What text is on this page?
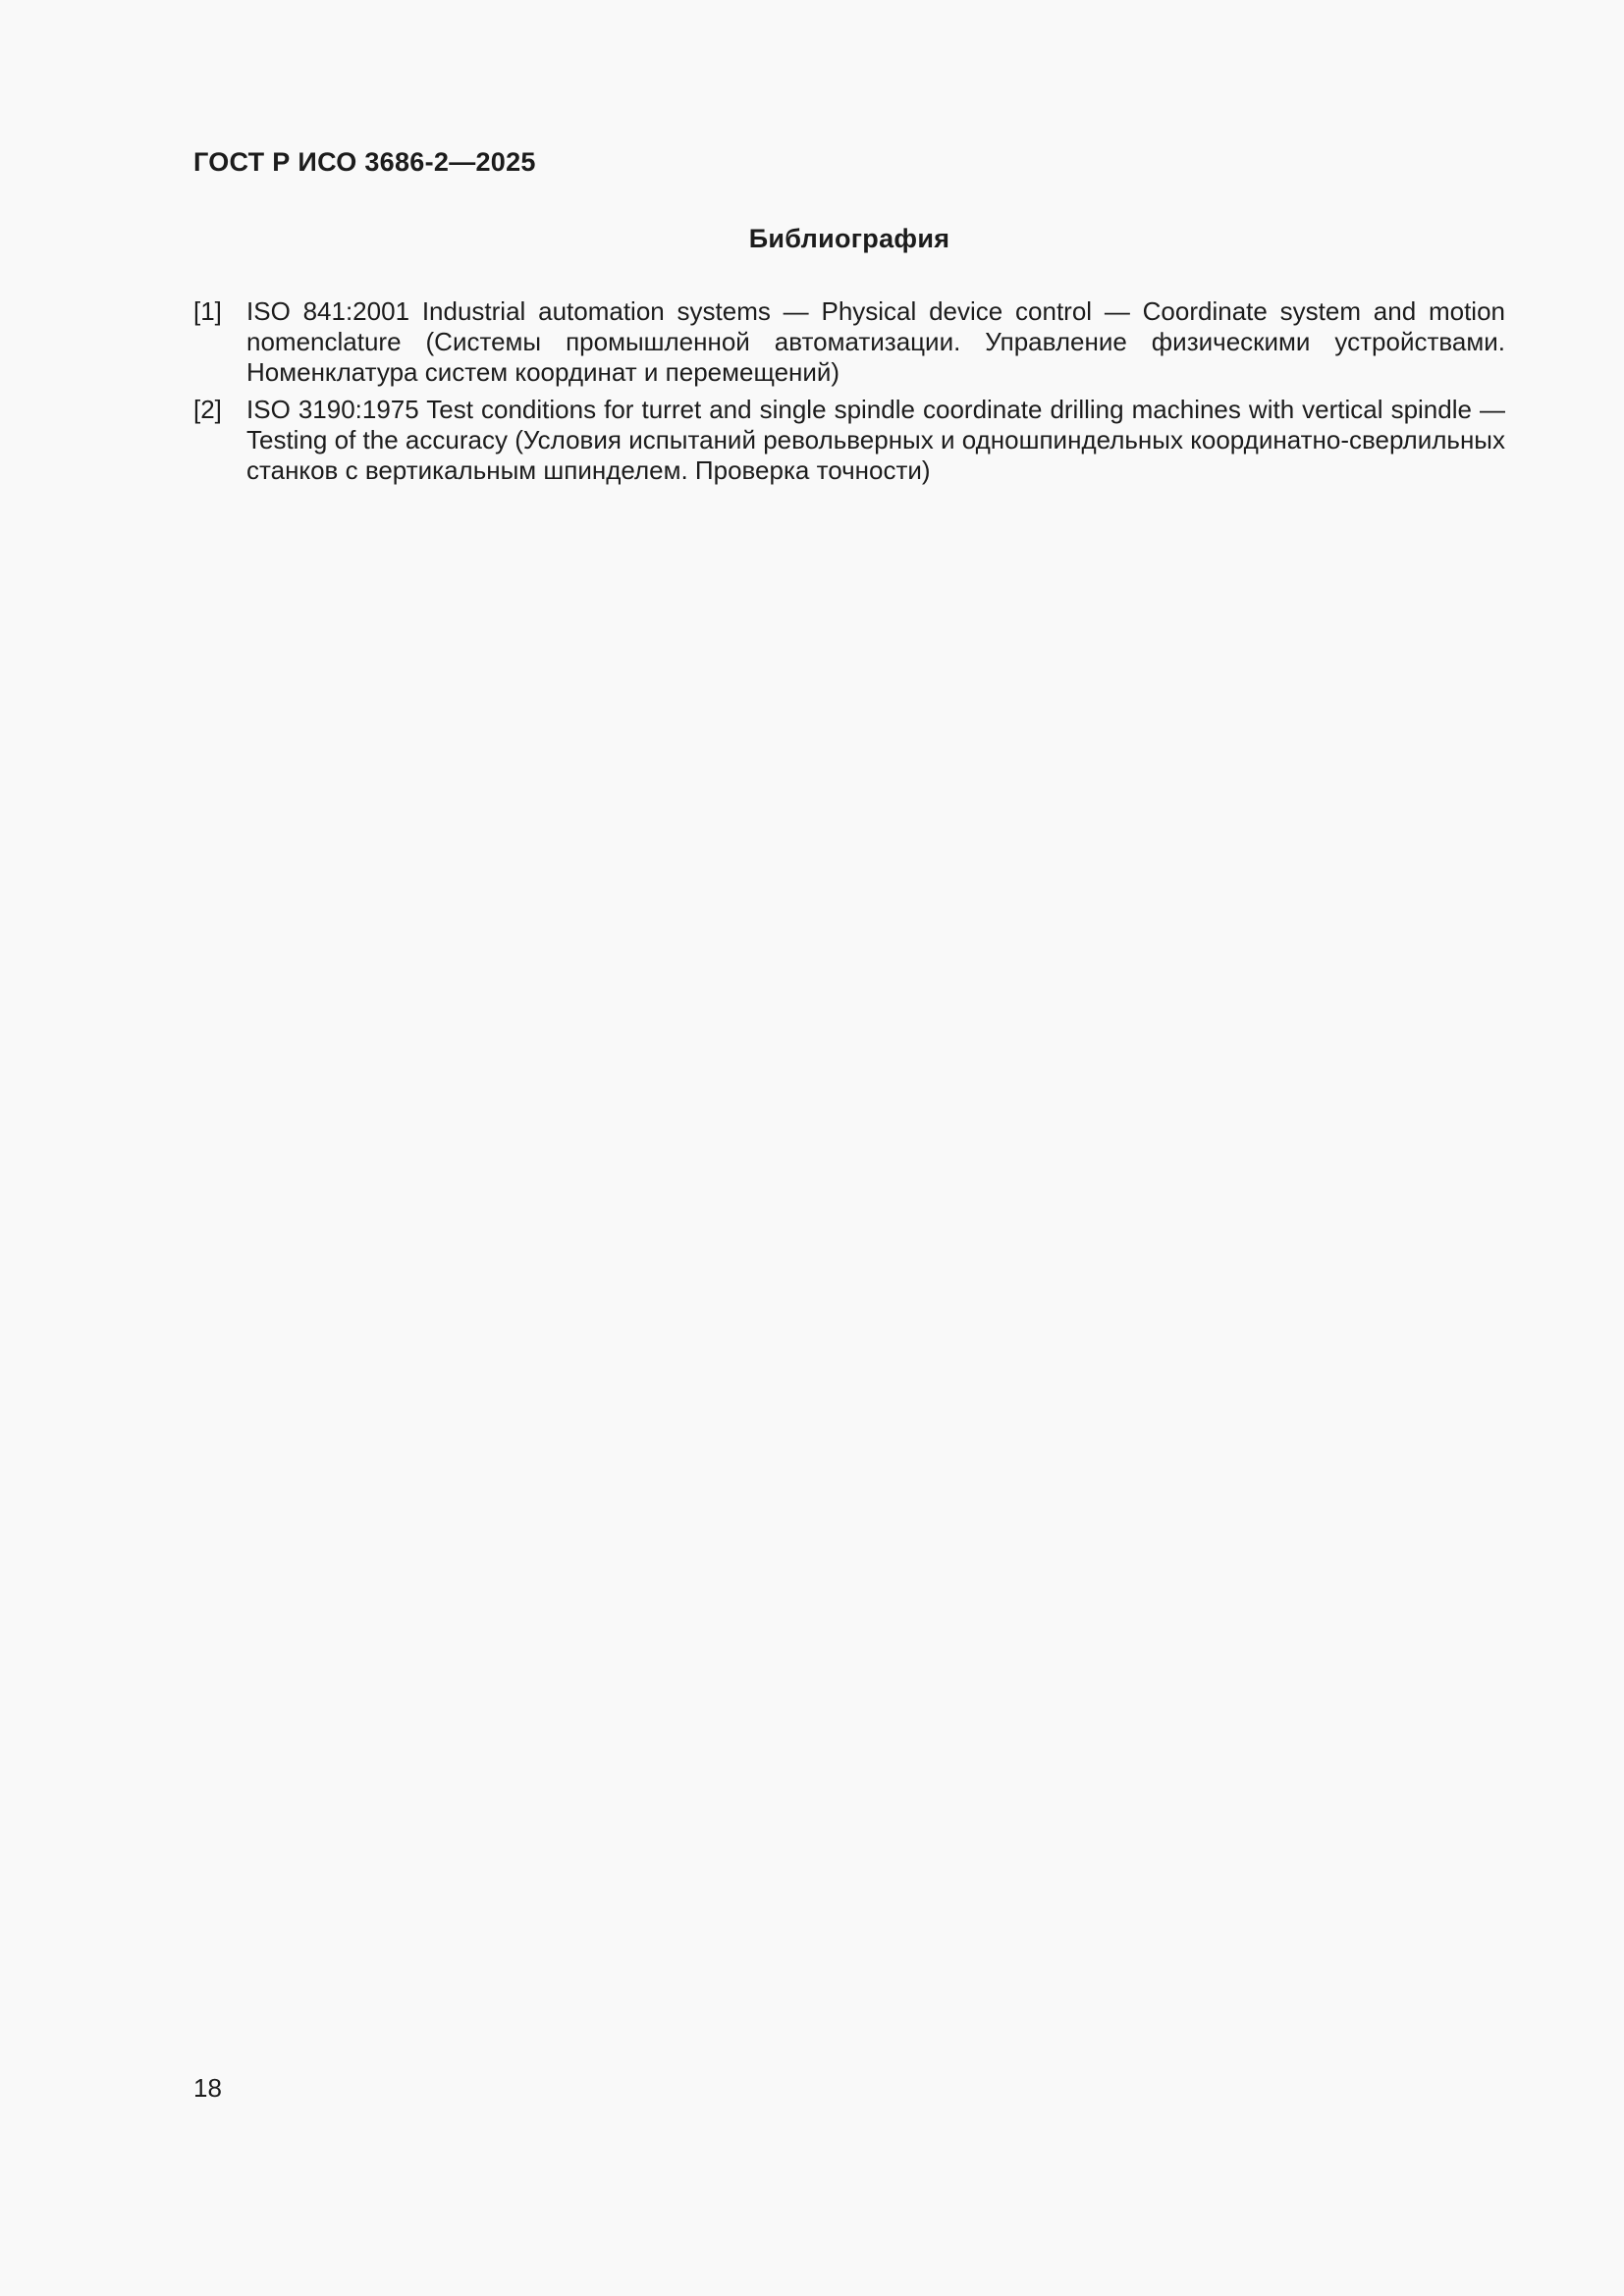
ГОСТ Р ИСО 3686-2—2025
Библиография
[1] ISO 841:2001 Industrial automation systems — Physical device control — Coordinate system and motion nomenclature (Системы промышленной автоматизации. Управление физическими устройствами. Номенклатура систем координат и перемещений)
[2] ISO 3190:1975 Test conditions for turret and single spindle coordinate drilling machines with vertical spindle — Testing of the accuracy (Условия испытаний револьверных и одношпиндельных координатно-сверлильных станков с вертикальным шпинделем. Проверка точности)
18
